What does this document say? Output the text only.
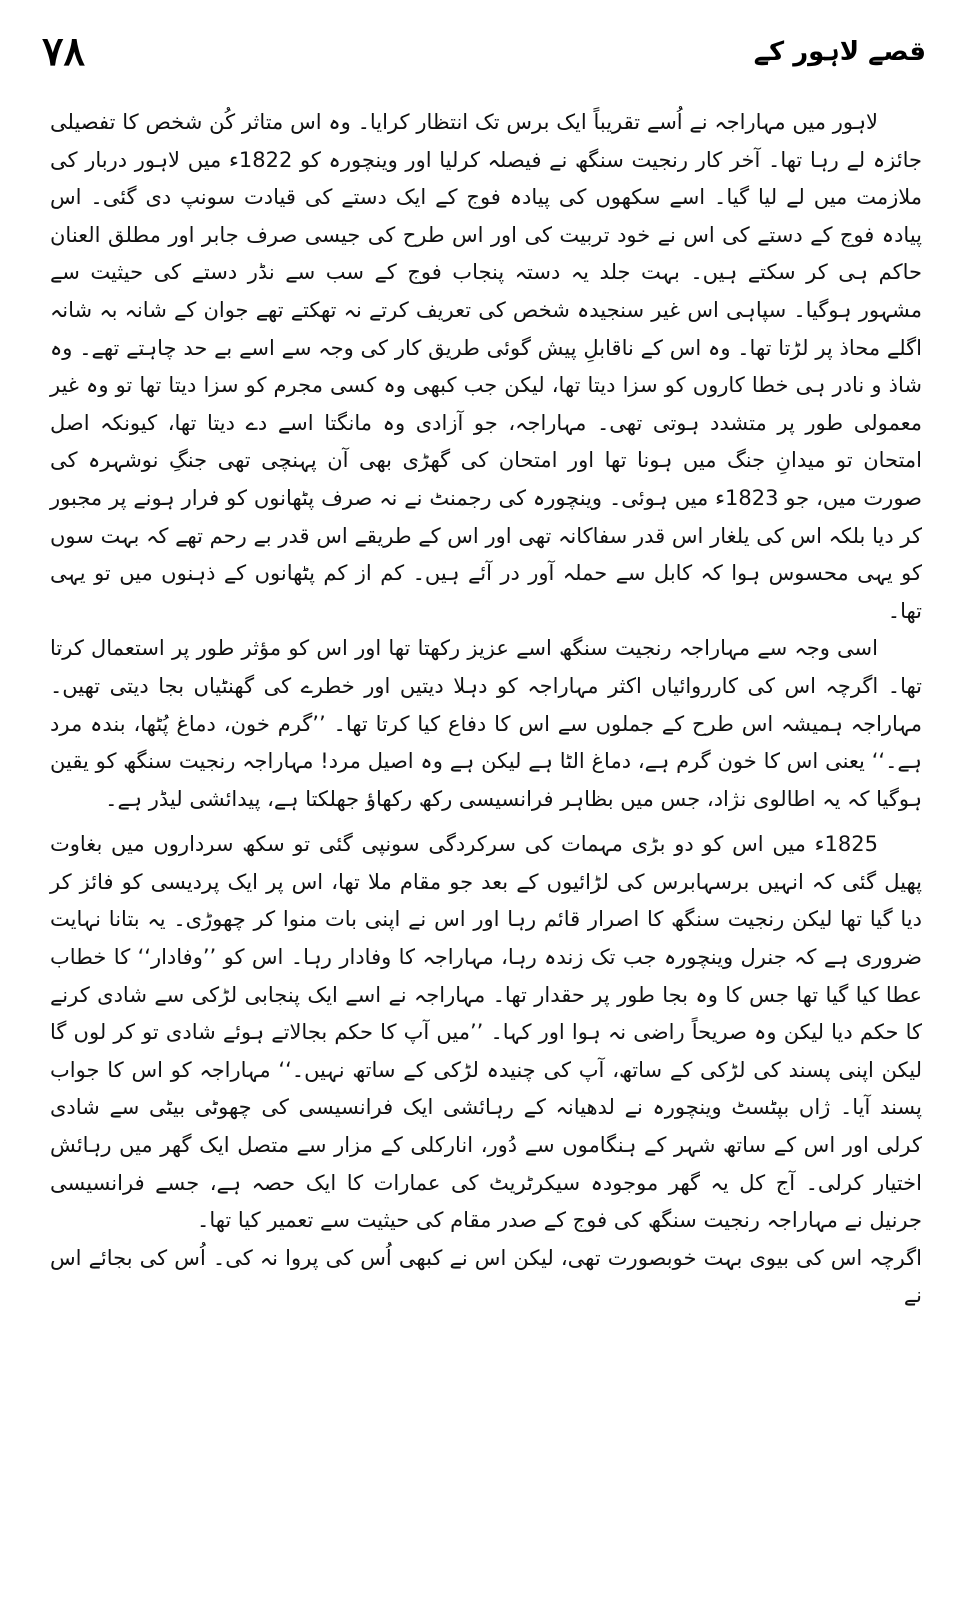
۷۸	قصے لاہور کے

لاہور میں مہاراجہ نے اُسے تقریباً ایک برس تک انتظار کرایا۔ وہ اس متاثر کُن شخص کا تفصیلی جائزہ لے رہا تھا۔ آخر کار رنجیت سنگھ نے فیصلہ کرلیا اور وینچورہ کو 1822ء میں لاہور دربار کی ملازمت میں لے لیا گیا۔ اسے سکھوں کی پیادہ فوج کے ایک دستے کی قیادت سونپ دی گئی۔ اس پیادہ فوج کے دستے کی اس نے خود تربیت کی اور اس طرح کی جیسی صرف جابر اور مطلق العنان حاکم ہی کر سکتے ہیں۔ بہت جلد یہ دستہ پنجاب فوج کے سب سے نڈر دستے کی حیثیت سے مشہور ہوگیا۔ سپاہی اس غیر سنجیدہ شخص کی تعریف کرتے نہ تھکتے تھے جوان کے شانہ بہ شانہ اگلے محاذ پر لڑتا تھا۔ وہ اس کے ناقابلِ پیش گوئی طریق کار کی وجہ سے اسے بے حد چاہتے تھے۔ وہ شاذ و نادر ہی خطا کاروں کو سزا دیتا تھا، لیکن جب کبھی وہ کسی مجرم کو سزا دیتا تھا تو وہ غیر معمولی طور پر متشدد ہوتی تھی۔ مہاراجہ، جو آزادی وہ مانگتا اسے دے دیتا تھا، کیونکہ اصل امتحان تو میدانِ جنگ میں ہونا تھا اور امتحان کی گھڑی بھی آن پہنچی تھی جنگِ نوشہرہ کی صورت میں، جو 1823ء میں ہوئی۔ وینچورہ کی رجمنٹ نے نہ صرف پٹھانوں کو فرار ہونے پر مجبور کر دیا بلکہ اس کی یلغار اس قدر سفاکانہ تھی اور اس کے طریقے اس قدر بے رحم تھے کہ بہت سوں کو یہی محسوس ہوا کہ کابل سے حملہ آور در آئے ہیں۔ کم از کم پٹھانوں کے ذہنوں میں تو یہی تھا۔

اسی وجہ سے مہاراجہ رنجیت سنگھ اسے عزیز رکھتا تھا اور اس کو مؤثر طور پر استعمال کرتا تھا۔ اگرچہ اس کی کارروائیاں اکثر مہاراجہ کو دہلا دیتیں اور خطرے کی گھنٹیاں بجا دیتی تھیں۔ مہاراجہ ہمیشہ اس طرح کے جملوں سے اس کا دفاع کیا کرتا تھا۔ ’’گرم خون، دماغ پُٹھا، بندہ مرد ہے۔‘‘ یعنی اس کا خون گرم ہے، دماغ الٹا ہے لیکن ہے وہ اصیل مرد! مہاراجہ رنجیت سنگھ کو یقین ہوگیا کہ یہ اطالوی نژاد، جس میں بظاہر فرانسیسی رکھ رکھاؤ جھلکتا ہے، پیدائشی لیڈر ہے۔

1825ء میں اس کو دو بڑی مہمات کی سرکردگی سونپی گئی تو سکھ سرداروں میں بغاوت پھیل گئی کہ انہیں برسہابرس کی لڑائیوں کے بعد جو مقام ملا تھا، اس پر ایک پردیسی کو فائز کر دیا گیا تھا لیکن رنجیت سنگھ کا اصرار قائم رہا اور اس نے اپنی بات منوا کر چھوڑی۔ یہ بتانا نہایت ضروری ہے کہ جنرل وینچورہ جب تک زندہ رہا، مہاراجہ کا وفادار رہا۔ اس کو ’’وفادار‘‘ کا خطاب عطا کیا گیا تھا جس کا وہ بجا طور پر حقدار تھا۔ مہاراجہ نے اسے ایک پنجابی لڑکی سے شادی کرنے کا حکم دیا لیکن وہ صریحاً راضی نہ ہوا اور کہا۔ ’’میں آپ کا حکم بجالاتے ہوئے شادی تو کر لوں گا لیکن اپنی پسند کی لڑکی کے ساتھ، آپ کی چنیدہ لڑکی کے ساتھ نہیں۔‘‘ مہاراجہ کو اس کا جواب پسند آیا۔ ژاں بپٹسٹ وینچورہ نے لدھیانہ کے رہائشی ایک فرانسیسی کی چھوٹی بیٹی سے شادی کرلی اور اس کے ساتھ شہر کے ہنگاموں سے دُور، انارکلی کے مزار سے متصل ایک گھر میں رہائش اختیار کرلی۔ آج کل یہ گھر موجودہ سیکرٹریٹ کی عمارات کا ایک حصہ ہے، جسے فرانسیسی جرنیل نے مہاراجہ رنجیت سنگھ کی فوج کے صدر مقام کی حیثیت سے تعمیر کیا تھا۔

اگرچہ اس کی بیوی بہت خوبصورت تھی، لیکن اس نے کبھی اُس کی پروا نہ کی۔ اُس کی بجائے اس نے
